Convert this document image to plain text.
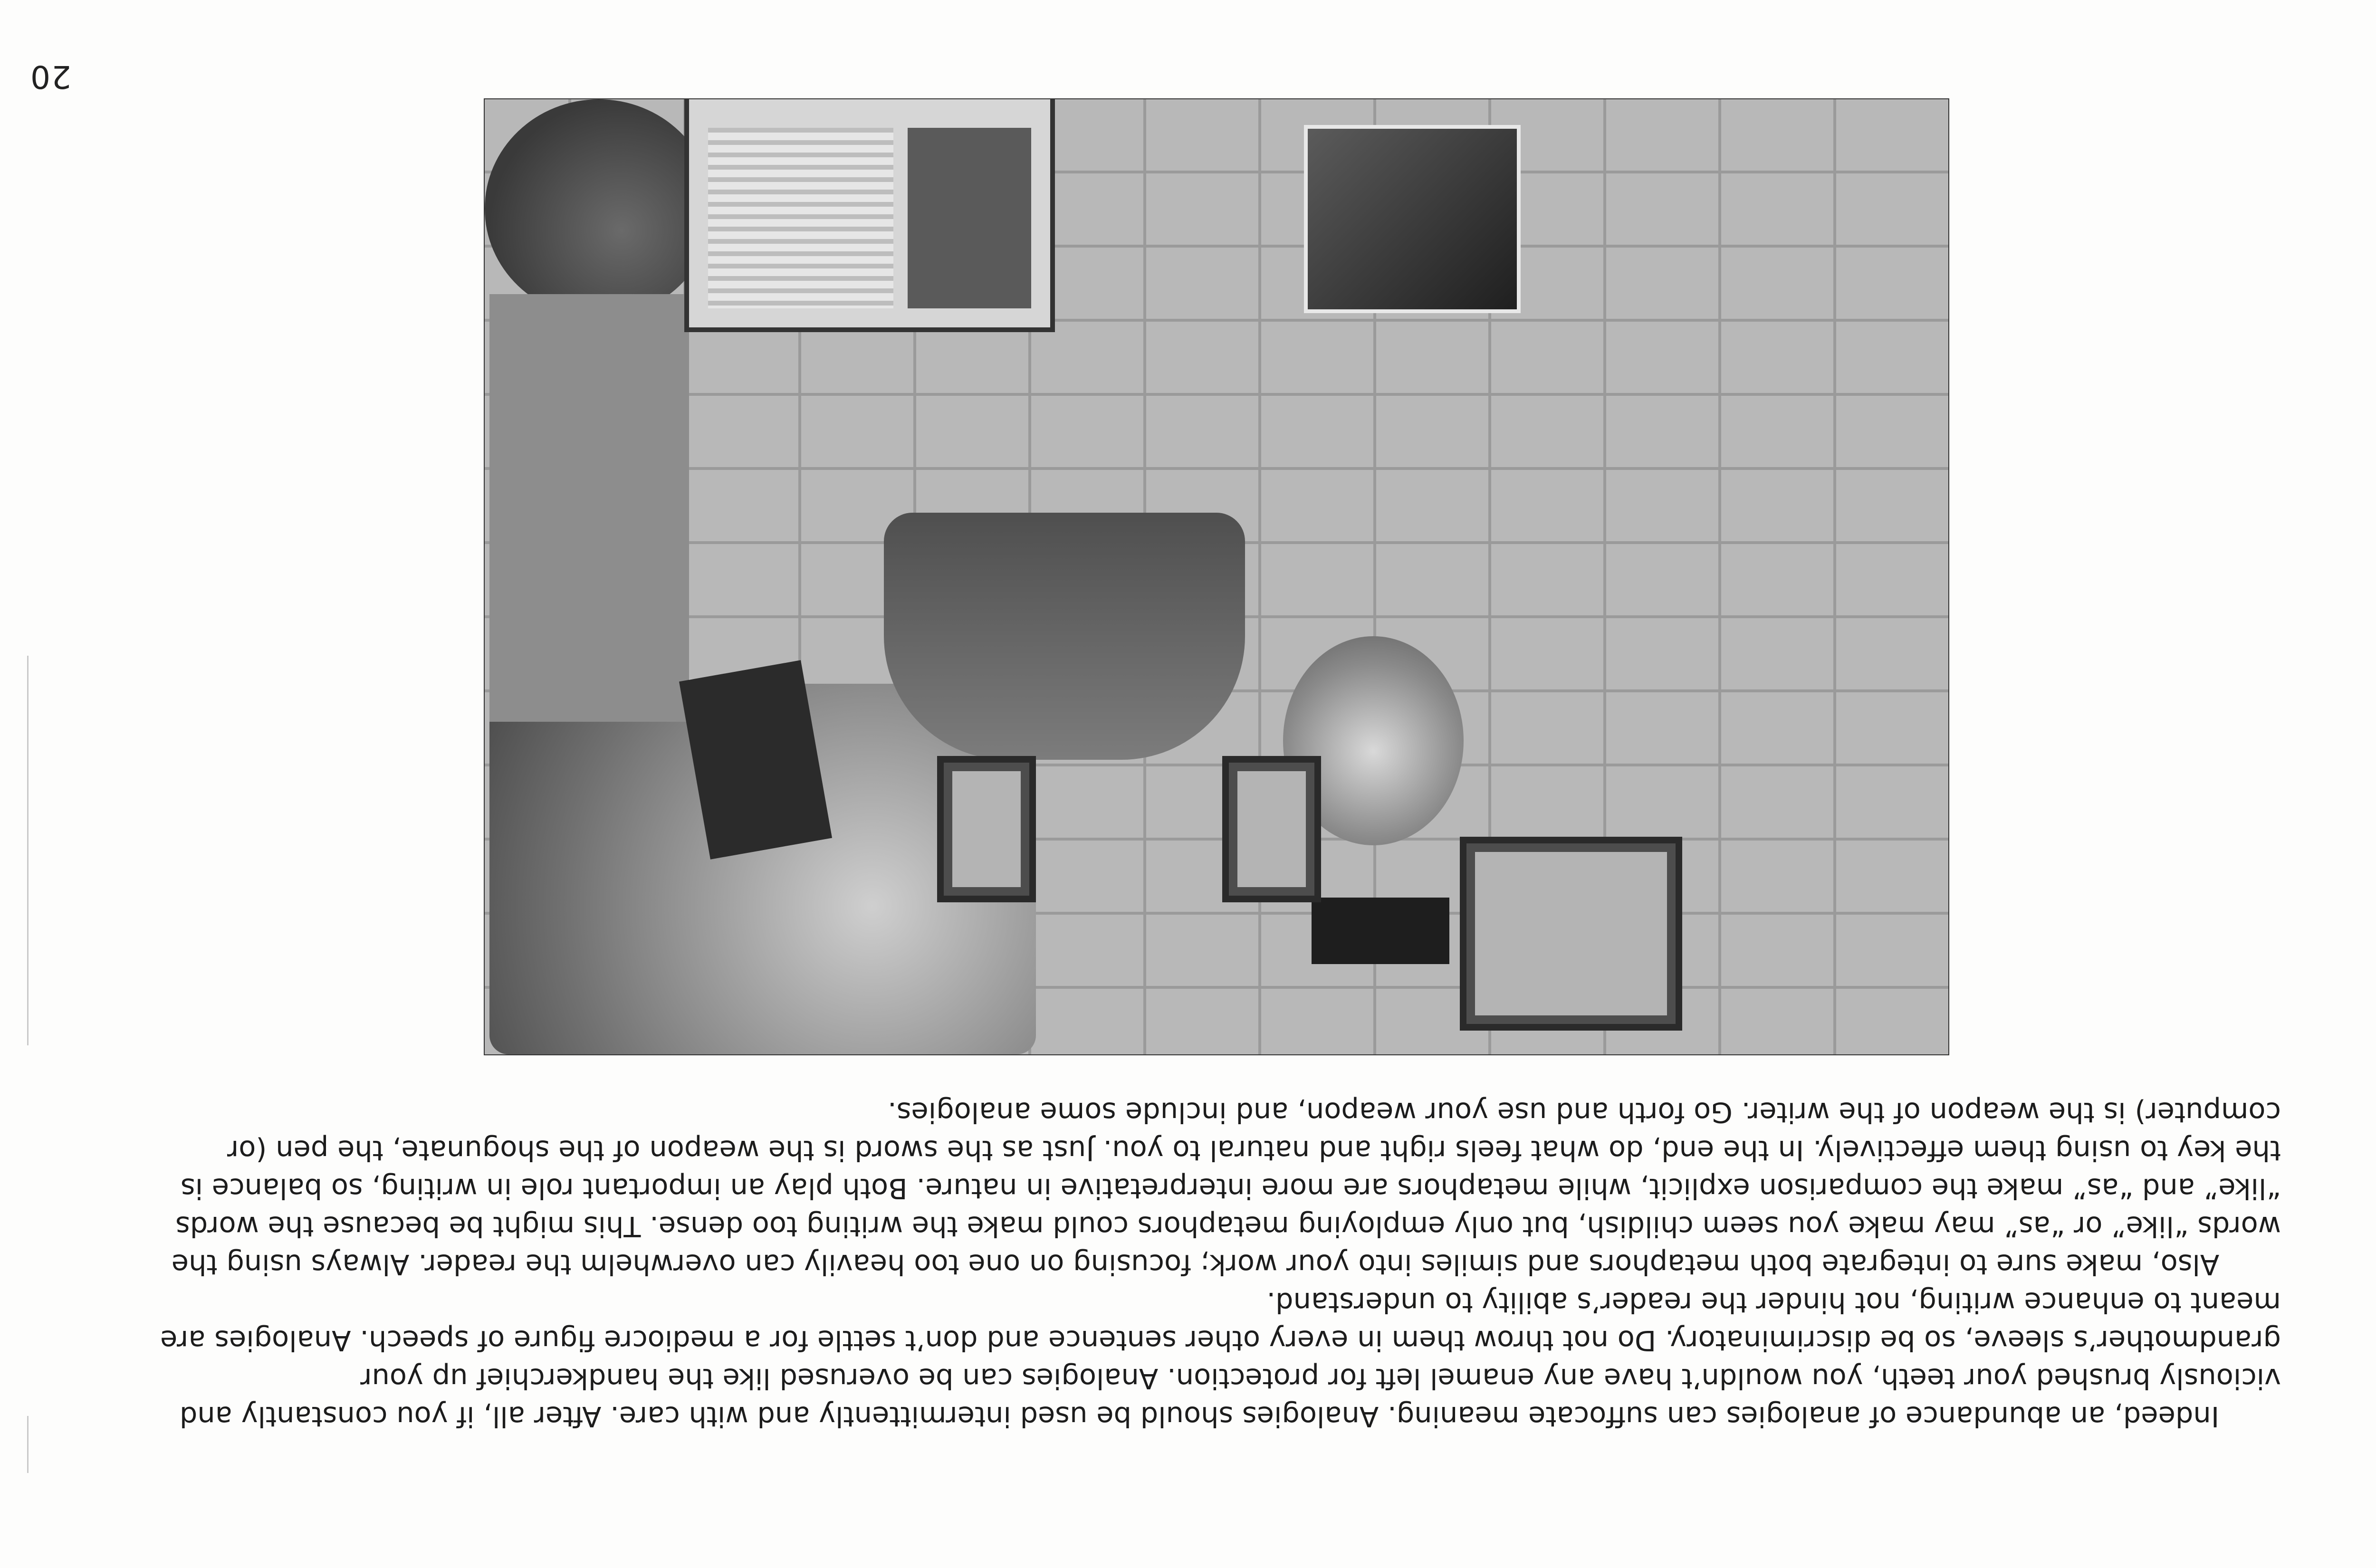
Indeed, an abundance of analogies can suffocate meaning. Analogies should be used intermittently and with care. After all, if you constantly and viciously brushed your teeth, you wouldn’t have any enamel left for protection. Analogies can be overused like the handkerchief up your grandmother’s sleeve, so be discriminatory. Do not throw them in every other sentence and don’t settle for a mediocre figure of speech. Analogies are meant to enhance writing, not hinder the reader’s ability to understand.

Also, make sure to integrate both metaphors and similes into your work; focusing on one too heavily can overwhelm the reader. Always using the words “like” or “as” may make you seem childish, but only employing metaphors could make the writing too dense. This might be because the words “like” and “as” make the comparison explicit, while metaphors are more interpretative in nature. Both play an important role in writing, so balance is the key to using them effectively. In the end, do what feels right and natural to you. Just as the sword is the weapon of the shogunate, the pen (or computer) is the weapon of the writer. Go forth and use your weapon, and include some analogies.

20
